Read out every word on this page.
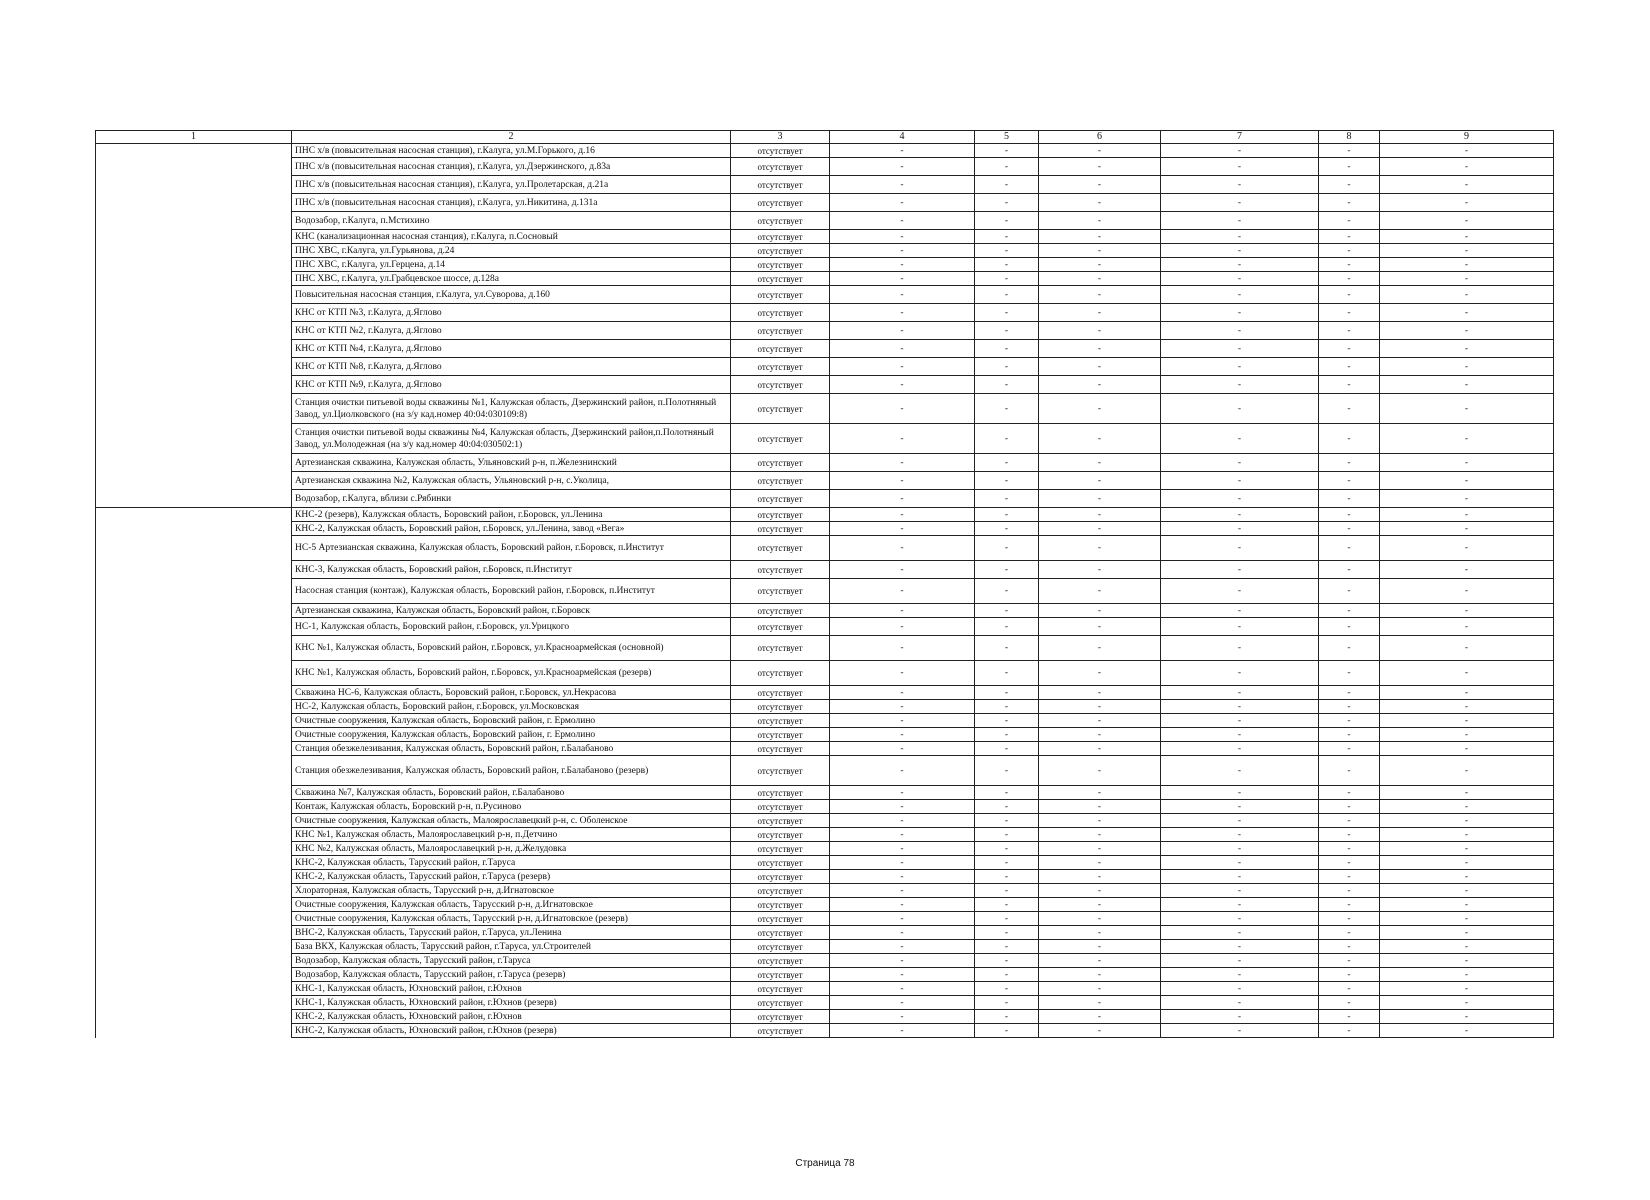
1	2	3	4	5	6	7	8	9
	ПНС х/в (повысительная насосная станция), г.Калуга, ул.М.Горького, д.16	отсутствует	-	-	-	-	-	-
	ПНС х/в (повысительная насосная станция), г.Калуга, ул.Дзержинского, д.83а	отсутствует	-	-	-	-	-	-
	ПНС х/в (повысительная насосная станция), г.Калуга, ул.Пролетарская, д.21а	отсутствует	-	-	-	-	-	-
	ПНС х/в (повысительная насосная станция), г.Калуга, ул.Никитина, д.131а	отсутствует	-	-	-	-	-	-
	Водозабор, г.Калуга, п.Мстихино	отсутствует	-	-	-	-	-	-
	КНС (канализационная насосная станция), г.Калуга, п.Сосновый	отсутствует	-	-	-	-	-	-
	ПНС ХВС, г.Калуга, ул.Гурьянова, д.24	отсутствует	-	-	-	-	-	-
	ПНС ХВС, г.Калуга, ул.Герцена, д.14	отсутствует	-	-	-	-	-	-
	ПНС ХВС, г.Калуга, ул.Грабцевское шоссе, д.128а	отсутствует	-	-	-	-	-	-
	Повысительная насосная станция, г.Калуга, ул.Суворова, д.160	отсутствует	-	-	-	-	-	-
	КНС от КТП №3, г.Калуга, д.Яглово	отсутствует	-	-	-	-	-	-
	КНС от КТП №2, г.Калуга, д.Яглово	отсутствует	-	-	-	-	-	-
	КНС от КТП №4, г.Калуга, д.Яглово	отсутствует	-	-	-	-	-	-
	КНС от КТП №8, г.Калуга, д.Яглово	отсутствует	-	-	-	-	-	-
	КНС от КТП №9, г.Калуга, д.Яглово	отсутствует	-	-	-	-	-	-
	Станция очистки питьевой воды скважины №1, Калужская область, Дзержинский район, п.Полотняный Завод, ул.Циолковского (на з/у кад.номер 40:04:030109:8)	отсутствует	-	-	-	-	-	-
	Станция очистки питьевой воды скважины №4, Калужская область, Дзержинский район,п.Полотняный Завод, ул.Молодежная (на з/у кад.номер 40:04:030502:1)	отсутствует	-	-	-	-	-	-
	Артезианская скважина, Калужская область, Ульяновский р-н, п.Железнинский	отсутствует	-	-	-	-	-	-
	Артезианская скважина №2, Калужская область, Ульяновский р-н, с.Уколица,	отсутствует	-	-	-	-	-	-
	Водозабор, г.Калуга, вблизи с.Рябинки	отсутствует	-	-	-	-	-	-
	КНС-2 (резерв), Калужская область, Боровский район, г.Боровск, ул.Ленина	отсутствует	-	-	-	-	-	-
	КНС-2, Калужская область, Боровский район, г.Боровск, ул.Ленина, завод «Вега»	отсутствует	-	-	-	-	-	-
	НС-5 Артезианская скважина, Калужская область, Боровский район, г.Боровск, п.Институт	отсутствует	-	-	-	-	-	-
	КНС-3, Калужская область, Боровский район, г.Боровск, п.Институт	отсутствует	-	-	-	-	-	-
	Насосная станция (контаж), Калужская область, Боровский район, г.Боровск, п.Институт	отсутствует	-	-	-	-	-	-
	Артезианская скважина, Калужская область, Боровский район, г.Боровск	отсутствует	-	-	-	-	-	-
	НС-1, Калужская область, Боровский район, г.Боровск, ул.Урицкого	отсутствует	-	-	-	-	-	-
	КНС №1, Калужская область, Боровский район, г.Боровск, ул.Красноармейская (основной)	отсутствует	-	-	-	-	-	-
	КНС №1, Калужская область, Боровский район, г.Боровск, ул.Красноармейская (резерв)	отсутствует	-	-	-	-	-	-
	Скважина НС-6, Калужская область, Боровский район, г.Боровск, ул.Некрасова	отсутствует	-	-	-	-	-	-
	НС-2, Калужская область, Боровский район, г.Боровск, ул.Московская	отсутствует	-	-	-	-	-	-
	Очистные сооружения, Калужская область, Боровский район, г. Ермолино	отсутствует	-	-	-	-	-	-
	Очистные сооружения, Калужская область, Боровский район, г. Ермолино	отсутствует	-	-	-	-	-	-
	Станция обезжелезивания, Калужская область, Боровский район, г.Балабаново	отсутствует	-	-	-	-	-	-
	Станция обезжелезивания, Калужская область, Боровский район, г.Балабаново (резерв)	отсутствует	-	-	-	-	-	-
	Скважина №7, Калужская область, Боровский район, г.Балабаново	отсутствует	-	-	-	-	-	-
	Контаж, Калужская область, Боровский р-н, п.Русиново	отсутствует	-	-	-	-	-	-
	Очистные сооружения, Калужская область, Малоярославецкий р-н, с. Оболенское	отсутствует	-	-	-	-	-	-
	КНС №1, Калужская область, Малоярославецкий р-н, п.Детчино	отсутствует	-	-	-	-	-	-
	КНС №2, Калужская область, Малоярославецкий р-н, д.Желудовка	отсутствует	-	-	-	-	-	-
	КНС-2, Калужская область, Тарусский район, г.Таруса	отсутствует	-	-	-	-	-	-
	КНС-2, Калужская область, Тарусский район, г.Таруса (резерв)	отсутствует	-	-	-	-	-	-
	Хлораторная, Калужская область, Тарусский р-н, д.Игнатовское	отсутствует	-	-	-	-	-	-
	Очистные сооружения, Калужская область, Тарусский р-н, д.Игнатовское	отсутствует	-	-	-	-	-	-
	Очистные сооружения, Калужская область, Тарусский р-н, д.Игнатовское (резерв)	отсутствует	-	-	-	-	-	-
	ВНС-2, Калужская область, Тарусский район, г.Таруса, ул.Ленина	отсутствует	-	-	-	-	-	-
	База ВКХ, Калужская область, Тарусский район, г.Таруса, ул.Строителей	отсутствует	-	-	-	-	-	-
	Водозабор, Калужская область, Тарусский район, г.Таруса	отсутствует	-	-	-	-	-	-
	Водозабор, Калужская область, Тарусский район, г.Таруса (резерв)	отсутствует	-	-	-	-	-	-
	КНС-1, Калужская область, Юхновский район, г.Юхнов	отсутствует	-	-	-	-	-	-
	КНС-1, Калужская область, Юхновский район, г.Юхнов (резерв)	отсутствует	-	-	-	-	-	-
	КНС-2, Калужская область, Юхновский район, г.Юхнов	отсутствует	-	-	-	-	-	-
	КНС-2, Калужская область, Юхновский район, г.Юхнов (резерв)	отсутствует	-	-	-	-	-	-
Страница 78
